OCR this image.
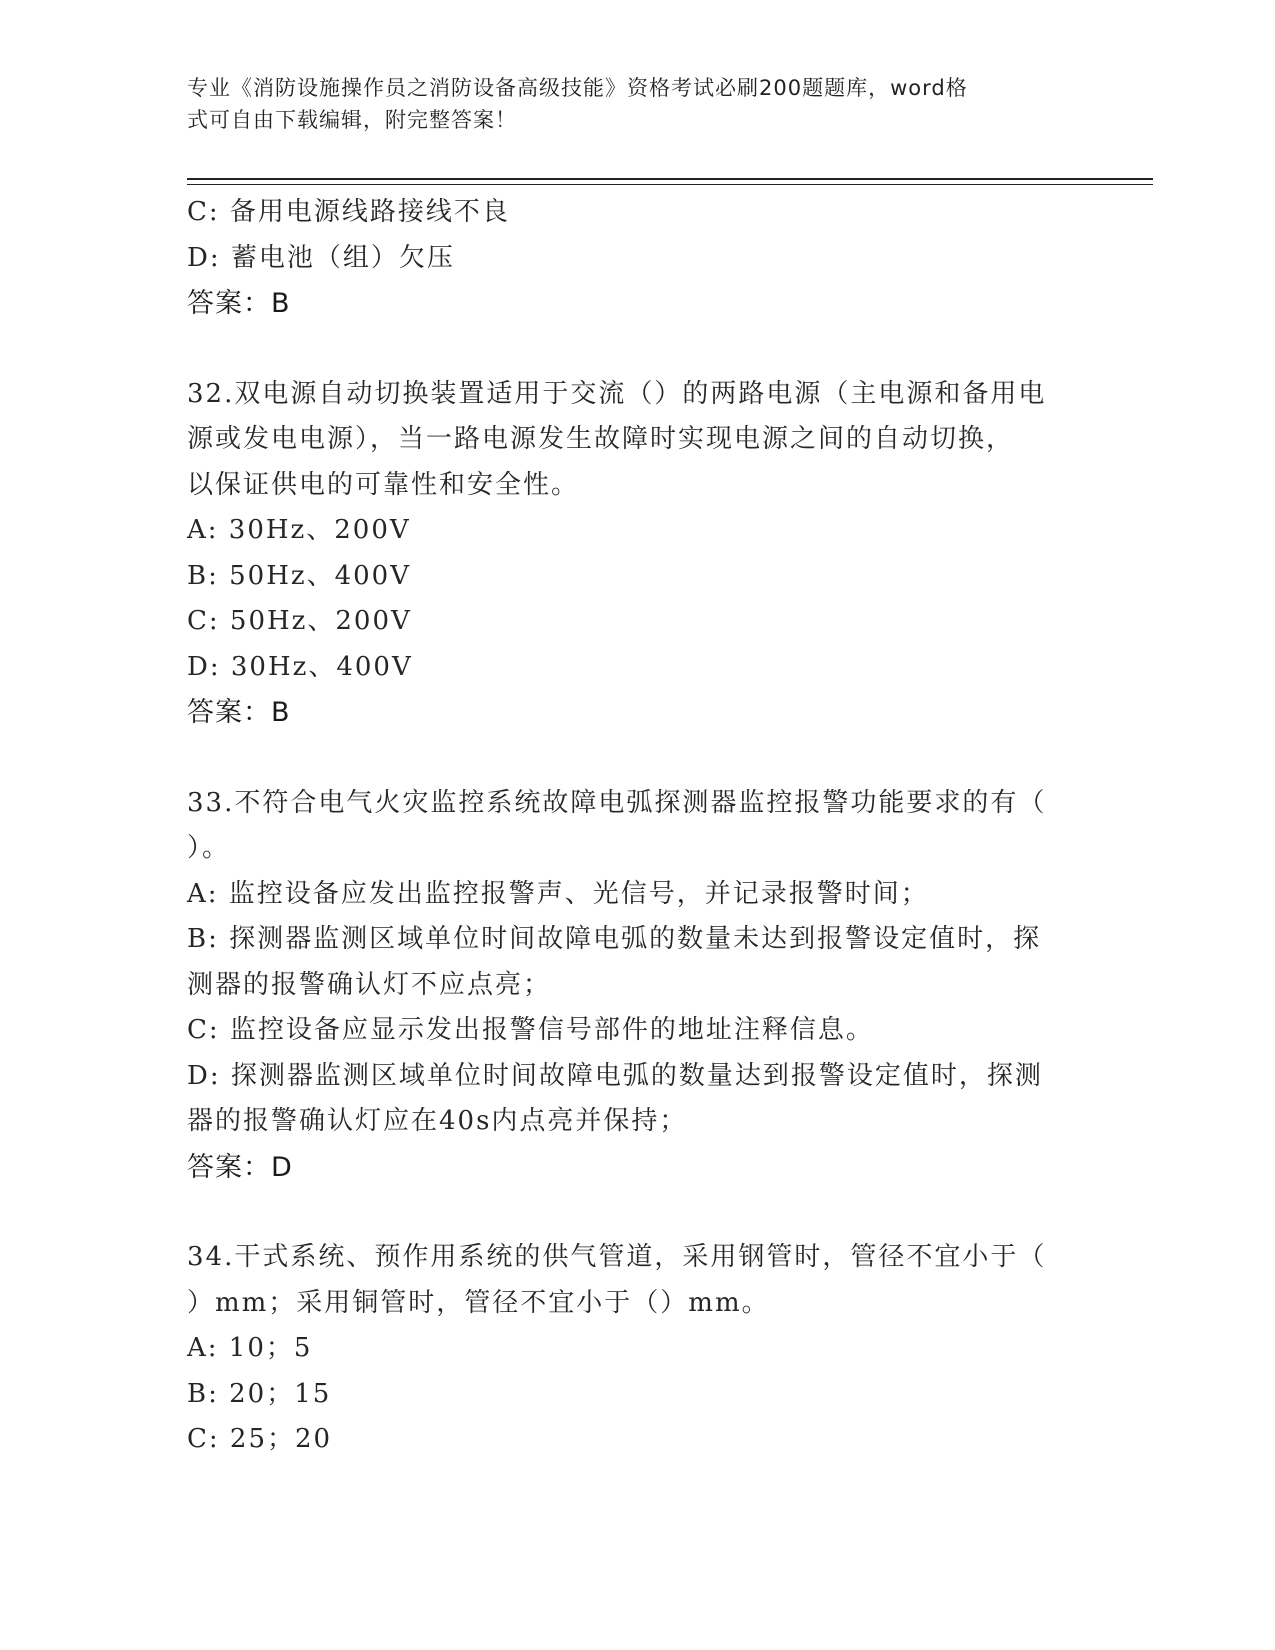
专业《消防设施操作员之消防设备高级技能》资格考试必刷200题题库，word格
式可自由下载编辑，附完整答案！
C: 备用电源线路接线不良
D: 蓄电池（组）欠压
答案：B
32.双电源自动切换装置适用于交流（）的两路电源（主电源和备用电
源或发电电源），当一路电源发生故障时实现电源之间的自动切换，
以保证供电的可靠性和安全性。
A: 30Hz、200V
B: 50Hz、400V
C: 50Hz、200V
D: 30Hz、400V
答案：B
33.不符合电气火灾监控系统故障电弧探测器监控报警功能要求的有（
）。
A: 监控设备应发出监控报警声、光信号，并记录报警时间；
B: 探测器监测区域单位时间故障电弧的数量未达到报警设定值时，探
测器的报警确认灯不应点亮；
C: 监控设备应显示发出报警信号部件的地址注释信息。
D: 探测器监测区域单位时间故障电弧的数量达到报警设定值时，探测
器的报警确认灯应在40s内点亮并保持；
答案：D
34.干式系统、预作用系统的供气管道，采用钢管时，管径不宜小于（
）mm；采用铜管时，管径不宜小于（）mm。
A: 10；5
B: 20；15
C: 25；20
